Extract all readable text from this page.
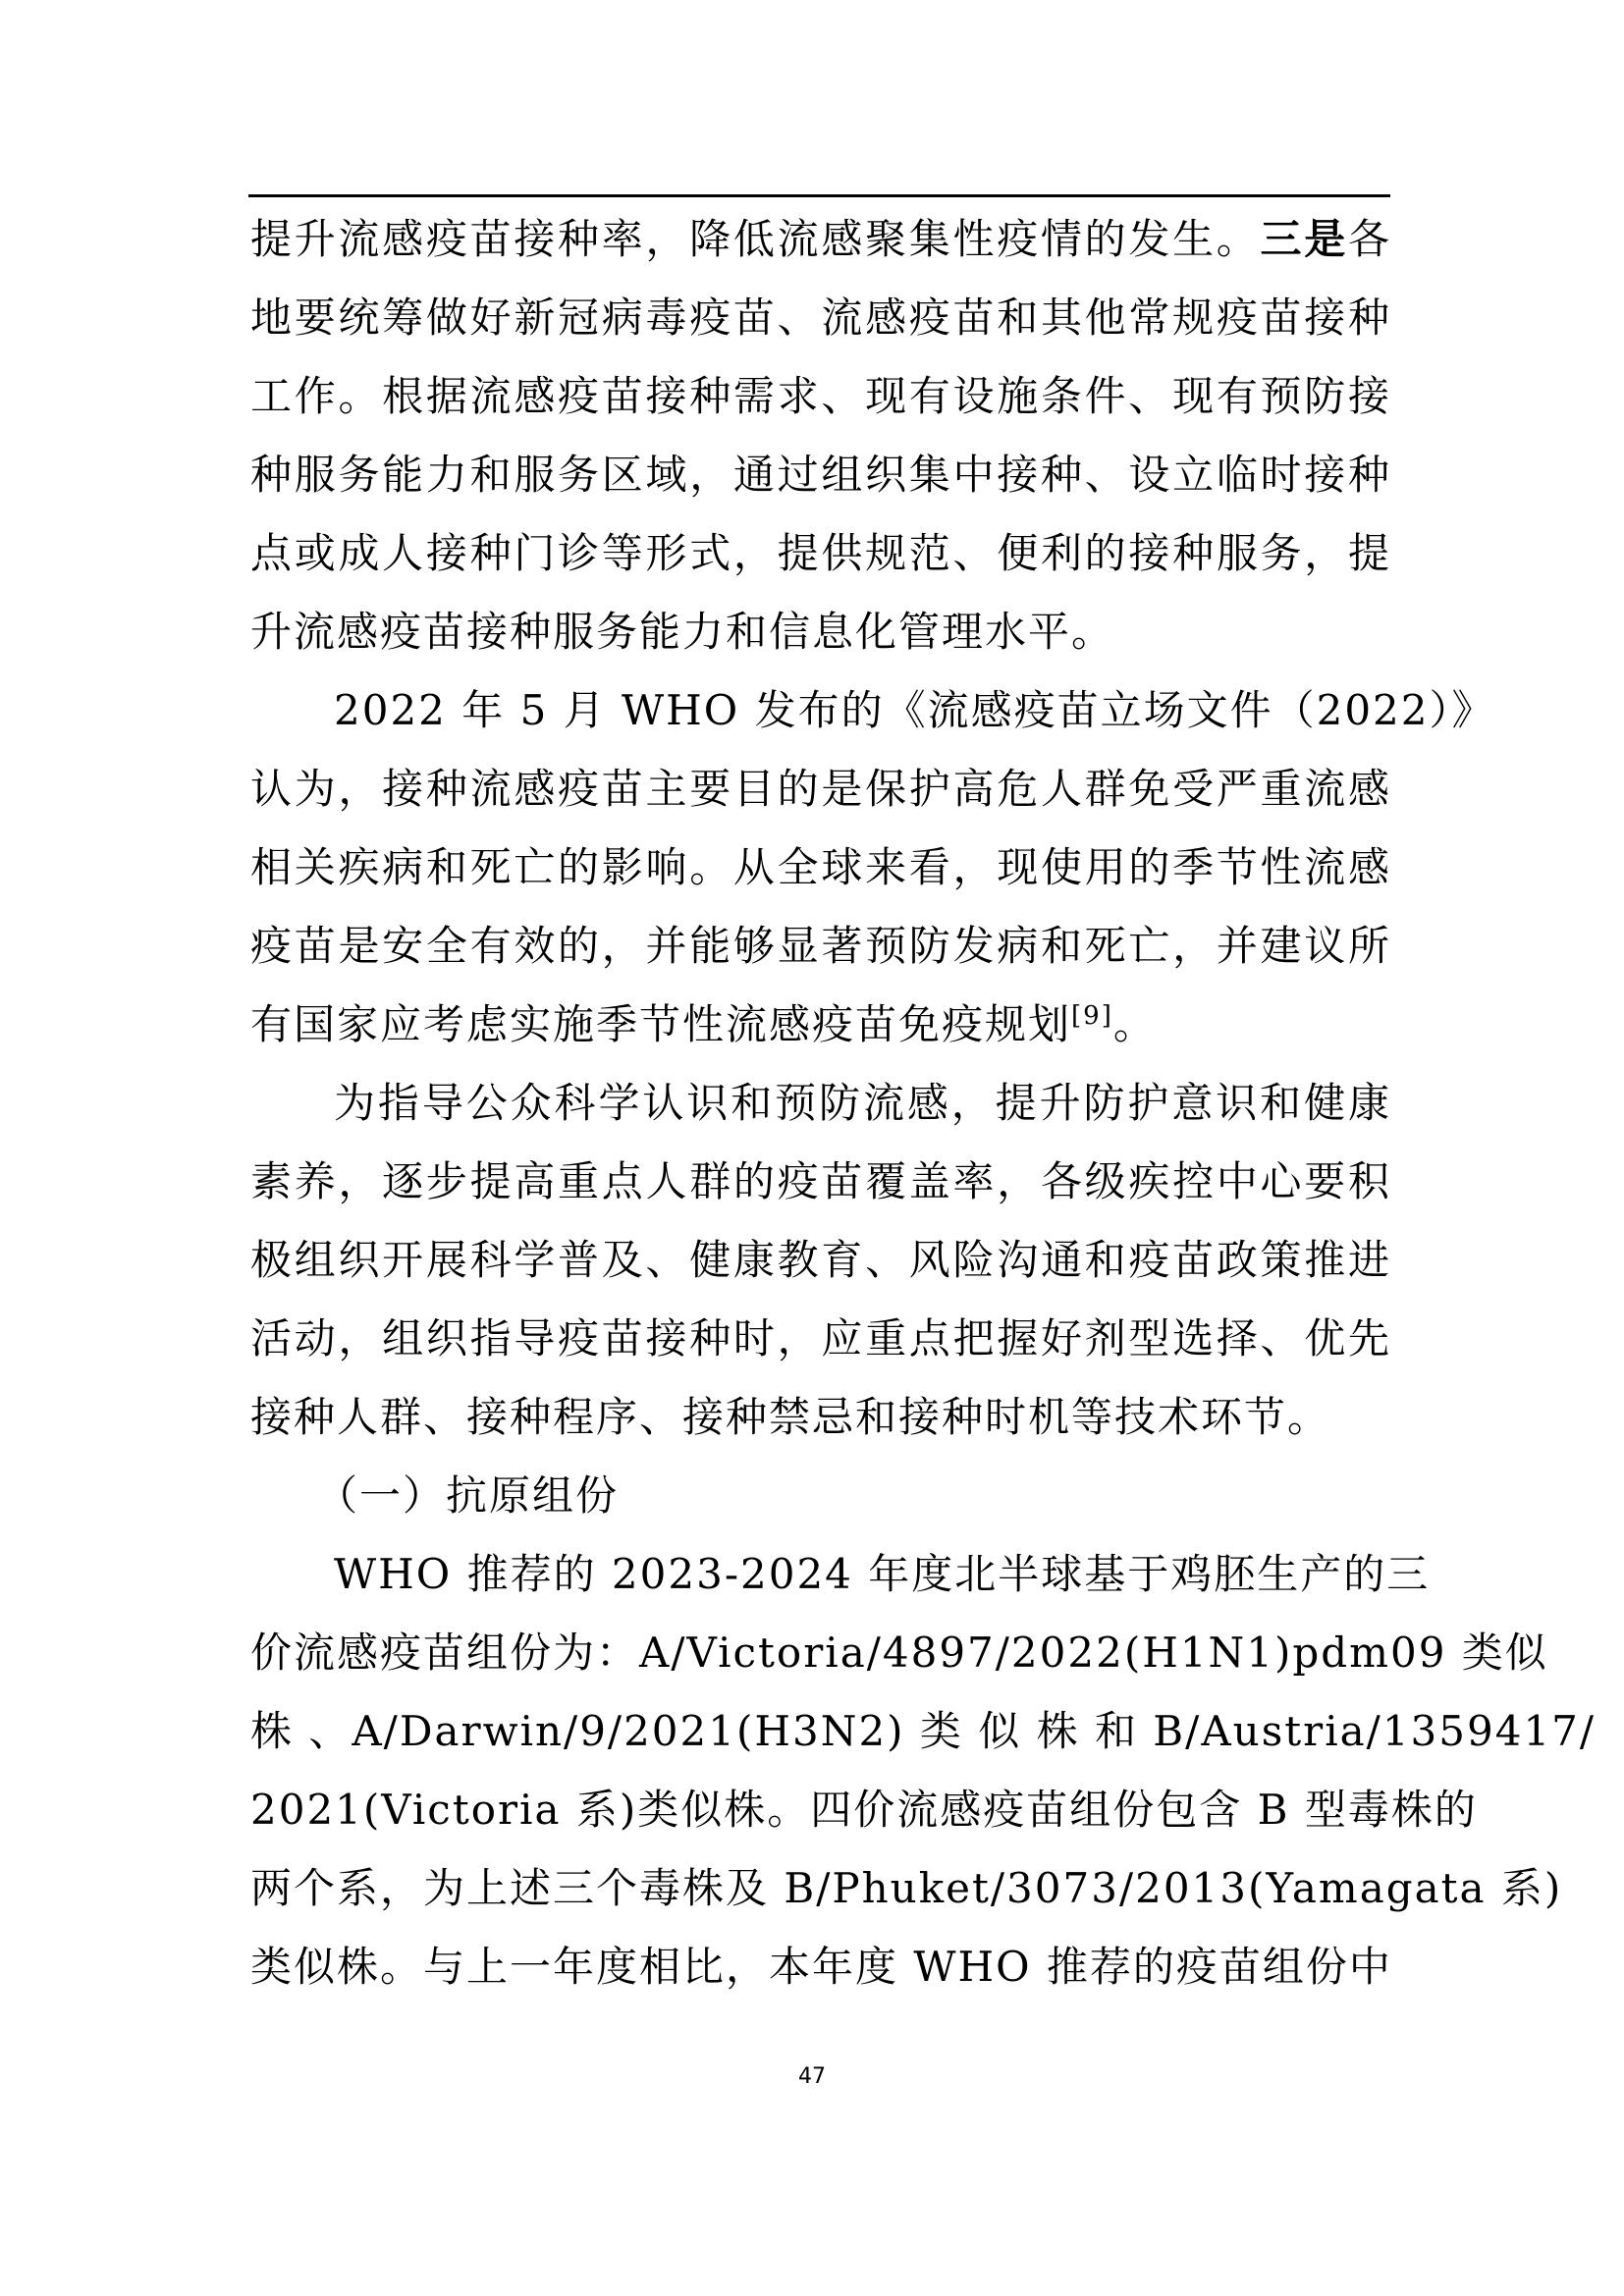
提升流感疫苗接种率，降低流感聚集性疫情的发生。三是各
地要统筹做好新冠病毒疫苗、流感疫苗和其他常规疫苗接种
工作。根据流感疫苗接种需求、现有设施条件、现有预防接
种服务能力和服务区域，通过组织集中接种、设立临时接种
点或成人接种门诊等形式，提供规范、便利的接种服务，提
升流感疫苗接种服务能力和信息化管理水平。
2022 年 5 月 WHO 发布的《流感疫苗立场文件（2022）》
认为，接种流感疫苗主要目的是保护高危人群免受严重流感
相关疾病和死亡的影响。从全球来看，现使用的季节性流感
疫苗是安全有效的，并能够显著预防发病和死亡，并建议所
有国家应考虑实施季节性流感疫苗免疫规划[9]。
为指导公众科学认识和预防流感，提升防护意识和健康
素养，逐步提高重点人群的疫苗覆盖率，各级疾控中心要积
极组织开展科学普及、健康教育、风险沟通和疫苗政策推进
活动，组织指导疫苗接种时，应重点把握好剂型选择、优先
接种人群、接种程序、接种禁忌和接种时机等技术环节。
（一）抗原组份
WHO 推荐的 2023-2024 年度北半球基于鸡胚生产的三
价流感疫苗组份为：A/Victoria/4897/2022(H1N1)pdm09 类似
株 、A/Darwin/9/2021(H3N2) 类 似 株 和 B/Austria/1359417/
2021(Victoria 系)类似株。四价流感疫苗组份包含 B 型毒株的
两个系，为上述三个毒株及 B/Phuket/3073/2013(Yamagata 系)
类似株。与上一年度相比，本年度 WHO 推荐的疫苗组份中
47
